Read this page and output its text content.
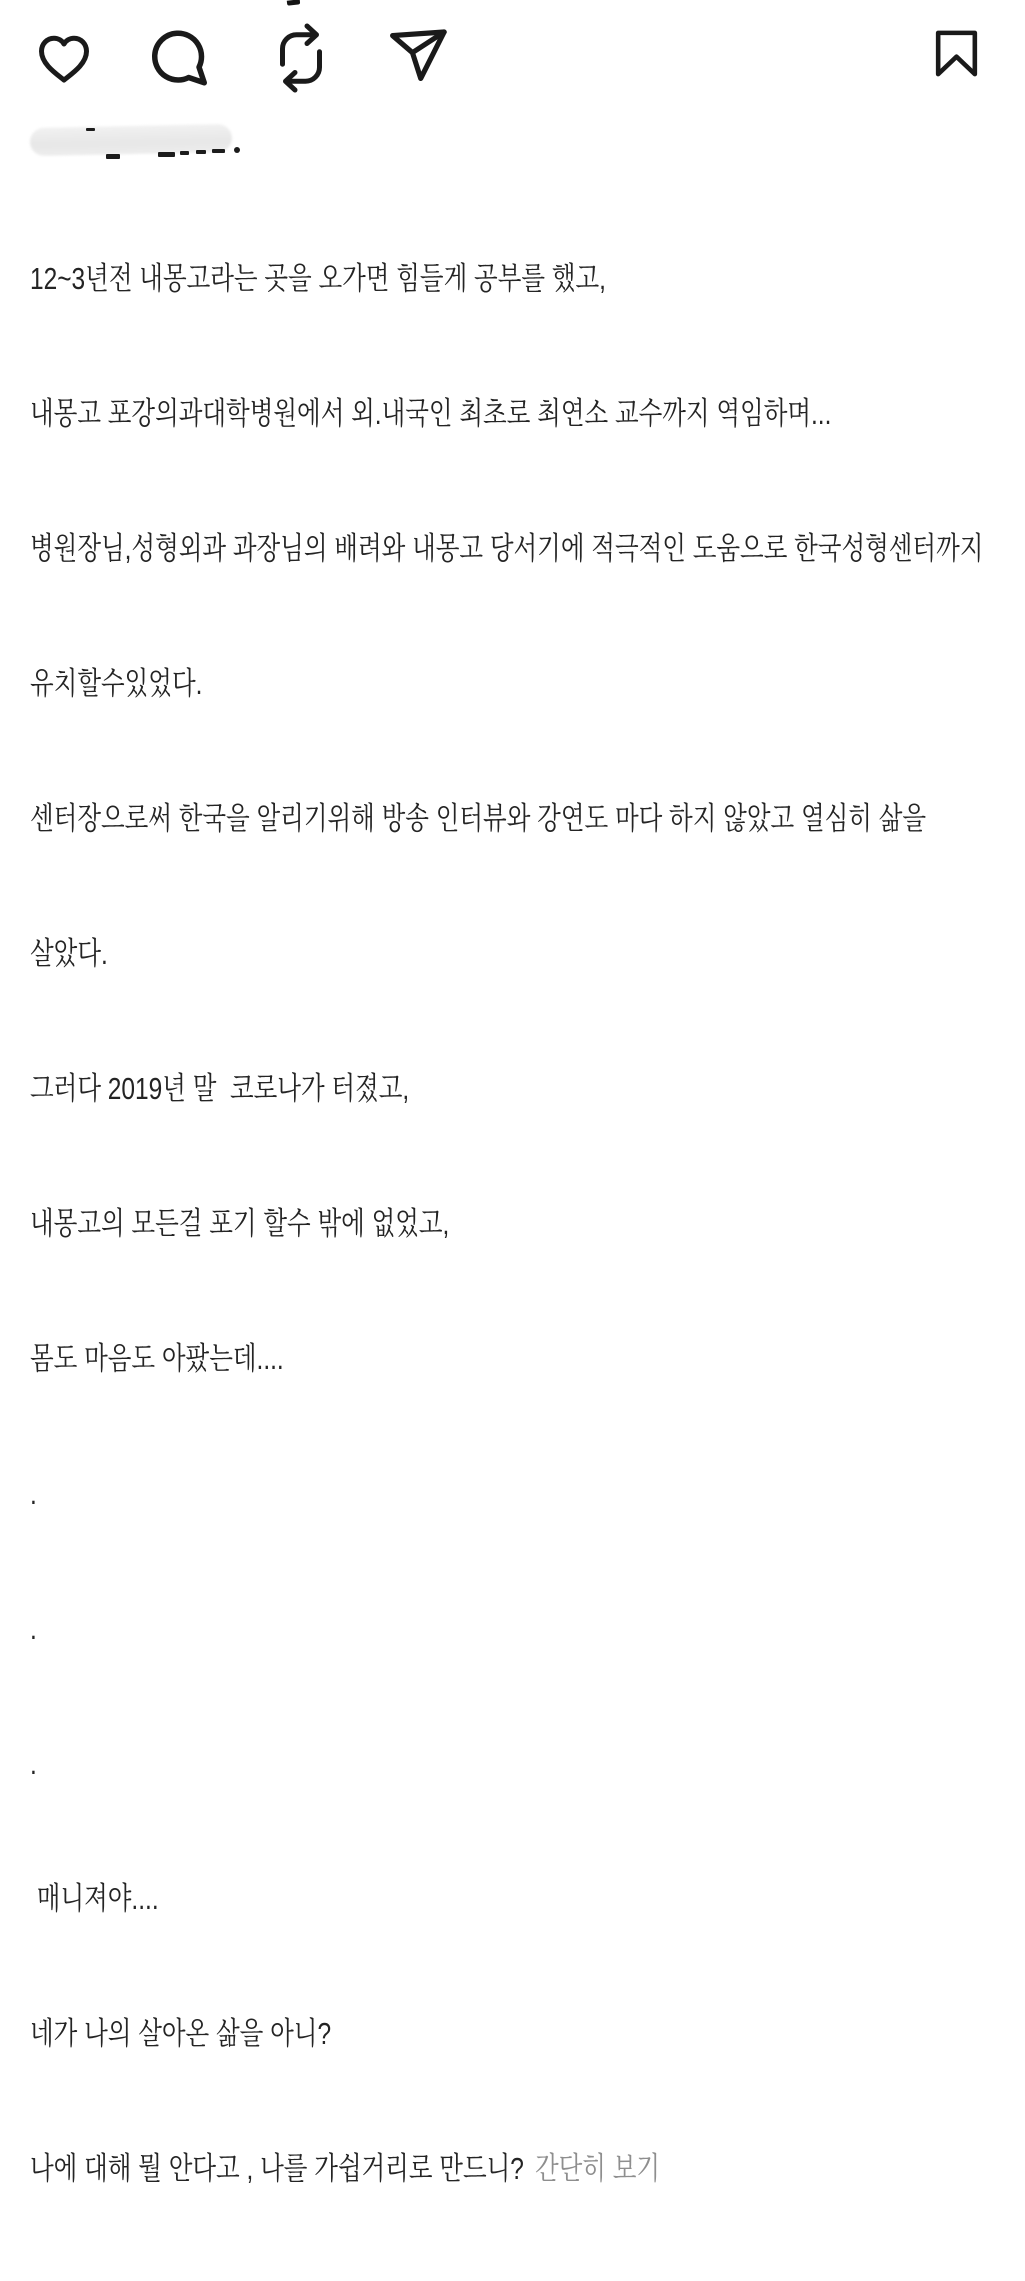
12~3년전 내몽고라는 곳을 오가면 힘들게 공부를 했고,

내몽고 포강의과대학병원에서 외.내국인 최초로 최연소 교수까지 역임하며...

병원장님,성형외과 과장님의 배려와 내몽고 당서기에 적극적인 도움으로 한국성형센터까지

유치할수있었다.

센터장으로써 한국을 알리기위해 방송 인터뷰와 강연도 마다 하지 않았고 열심히 삶을

살았다.

그러다 2019년 말  코로나가 터졌고,

내몽고의 모든걸 포기 할수 밖에 없었고,

몸도 마음도 아팠는데....

.

.

.

매니져야....

네가 나의 살아온 삶을 아니?

나에 대해 뭘 안다고 , 나를 가쉽거리로 만드니? 간단히 보기
